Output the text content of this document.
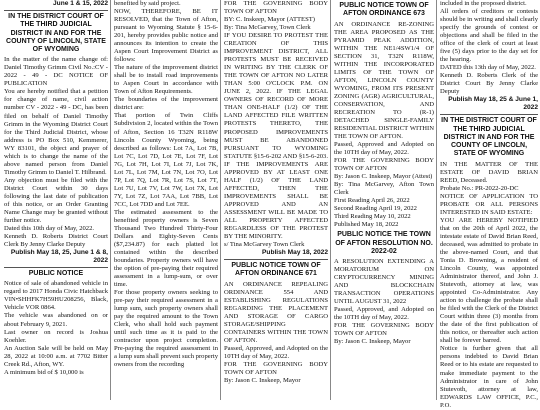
June 1 & 15, 2022
IN THE DISTRICT COURT OF THE THIRD JUDICIAL DISTRICT IN AND FOR THE COUNTY OF LINCOLN, STATE OF WYOMING

In the matter of the name change of: Daniel Timothy Grimm Civil No.:CV - 2022 - 49 - DC NOTICE OF PUBLICATION

You are hereby notified that a petition for change of name, civil action number CV - 2022 - 49 - DC, has been filed on behalf of Daniel Timothy Grimm in the Wyoming District Court for the Third Judicial District, whose address is PO Box 510, Kemmerer, WY 83101, the object and prayer of which is to change the name of the above named person from Daniel Timothy Grimm to Daniel T. Hilbrand.

Any objection must be filed with the District Court within 30 days following the last date of publication of this notice, or an Order Granting Name Change may be granted without further notice.

Dated this 10th day of May, 2022.

Kenneth D. Roberts District Court Clerk By Jenny Clarke Deputy

Publish May 18, 25, June 1 & 8, 2022
PUBLIC NOTICE

Notice of sale of abandoned vehicle in regard to 2017 Honda Civic Hatchback VIN•SHHFK7H59HU208256, Black, Vehicle VOR 0864.

The vehicle was abandoned on or about February 9, 2021.

Last owner on record is Joshua Koehler.

An Auction Sale will be held on May 28, 2022 at 10:00 a.m. at 7702 Bitter Creek Rd., Afton, WY.

A minimum bid of $ 10,000 is

benefited by said project.

NOW, THEREFORE, BE IT RESOLVED, that the Town of Afton, pursuant to Wyoming Statute § 15-6-201, hereby provides public notice and announces its intention to create the Aspen Court Improvement District as follows:

The nature of the improvement district shall be to install road improvements to Aspen Court in accordance with Town of Afton Requirements.

The boundaries of the improvement district are:

That portion of Twin Cliffs Subdivision 2, located within the Town of Afton, Section 16 T32N R118W Lincoln County Wyoming, being described as follows: Lot 7A, Lot 7B, Lot 7C, Lot 7D, Lot 7E, Lot 7F, Lot 7G, Lot 7H, Lot 7I, Lot 7J, Lot 7K, Lot 7L, Lot 7M, Lot 7N, Lot 7O, Lot 7P, Lot 7Q, Lot 7R, Lot 7S, Lot 7T, Lot 7U, Lot 7V, Lot 7W, Lot 7X, Lot 7Y, Lot 7Z, Lot 7AA, Lot 7BB, Lot 7CC, Lot 7DD and Lot 7EE.

The estimated assessment to the benefited property owners is Seven Thousand Two Hundred Thirty-Four Dollars and Eighty-Seven Cents ($7,234.87) for each platted lot contained within the described boundaries. Property owners will have the option of pre-paying their required assessment in a lump-sum, or over time.

For those property owners seeking to pre-pay their required assessment in a lump sum, such property owners shall pay the required amount to the Town Clerk, who shall hold such payment until such time as it is paid to the contractor upon project completion. Pre-paying the required assessment in a lump sum shall prevent such property owners from the recording

FOR THE GOVERNING BODY TOWN OF AFTON

BY: C. Inskeep, Mayor (ATTEST)

By: Tina McGarvey, Town Clerk

IF YOU DESIRE TO PROTEST THE CREATION OF THIS IMPROVEMENT DISTRICT, ALL PROTESTS MUST BE RECEIVED IN WRITING BY THE CLERK OF THE TOWN OF AFTON NO LATER THAN 5:00 O'CLOCK P.M. ON JUNE 2, 2022. IF THE LEGAL OWNERS OF RECORD OF MORE THAN ONE-HALF (1/2) OF THE LAND AFFECTED FILE WRITTEN PROTESTS THERETO, THE PROPOSED IMPROVEMENTS MUST BE ABANDONED PURSUANT TO WYOMING STATUTE §15-6-202 AND §15-6-203. IF THE IMPROVEMENTS ARE APPROVED BY AT LEAST ONE HALF (1/2) OF THE LAND AFFECTED, THEN THE IMPROVEMENTS SHALL BE APPROVED AND AN ASSESSMENT WILL BE MADE TO ALL PROPERTY AFFECTED REGARDLESS OF THE PROTEST BY THE MINORITY.

s/ Tina McGarvey Town Clerk

Publish May 18, 2022
PUBLIC NOTICE TOWN OF AFTON ORDINANCE 671

AN ORDINANCE REPEALING ORDINANCE 554 AND ESTABLISHING REGULATIONS REGARDING THE PLACEMENT AND STORAGE OF CARGO STORAGE/SHIPPING CONTAINERS WITHIN THE TOWN OF AFTON.

Passed, Approved, and Adopted on the 10TH day of May, 2022.

FOR THE GOVERNING BODY TOWN OF AFTON

By: Jason C. Inskeep, Mayor

PUBLIC NOTICE TOWN OF AFTON ORDINANCE 673

AN ORDINANCE RE-ZONING THE AREA PROPOSED AS THE PYRAMID PEAK ADDITION, WITHIN THE NE1/4SW1/4 OF SECTION 31, T32N R118W, WITHIN THE INCORPORATED LIMITS OF THE TOWN OF AFTON, LINCOLN COUNTY WYOMING, FROM ITS PRESENT ZONING (AGR) AGRICULTURAL, CONSERVATION, AND RECREATION TO (R-1) DETACHED SINGLE-FAMILY RESIDENTIAL DISTRICT WITHIN THE TOWN OF AFTON.

Passed, Approved and Adopted on the 10TH day of May, 2022.

FOR THE GOVERNING BODY TOWN OF AFTON

By: Jason C. Inskeep, Mayor (Attest)

By: Tina McGarvey, Afton Town Clerk

First Reading April 26, 2022

Second Reading April 19, 2022

Third Reading May 10, 2022

Published May 18, 2022

PUBLIC NOTICE THE TOWN OF AFTON RESOLUTION NO. 2022-02

A RESOLUTION EXTENDING A MORATORIUM ON CRYPTOCURRENCY MINING AND BLOCKCHAIN TRANSACTION OPERATIONS UNTIL AUGUST 31, 2022

Passed, Approved, and Adopted on the 10TH day of May, 2022.

FOR THE GOVERNING BODY TOWN OF AFTON

By: Jason C. Inskeep, Mayor

included in the proposed district.

All orders of creditors or contests should be in writing and shall clearly specify the grounds of contest or objections and shall be filed in the office of the clerk of court at least five (5) days prior to the day set for the hearing.

DATED this 13th day of May, 2022.

Kenneth D. Roberts Clerk of the District Court By Jenny Clarke Deputy

Publish May 18, 25 & June 1, 2022
IN THE DISTRICT COURT OF THE THIRD JUDICIAL DISTRICT IN AND FOR THE COUNTY OF LINCOLN, STATE OF WYOMING

IN THE MATTER OF THE ESTATE OF DAVID BRIAN REED, Deceased.

Probate No.: PR-2022-20-DC

NOTICE OF APPLICATION TO PROBATE OR ALL PERSONS INTERESTED IN SAID ESTATE:

YOU ARE HEREBY NOTIFIED that on the 20th of April 2022, the intestate estate of David Brian Reed, deceased, was admitted to probate in the above-named Court, and that Tonia D. Browning, a resident of Lincoln County, was appointed Administrator thereof, and John J. Stutevoth, attorney at law, was appointed Co-Administrator. Any action to challenge the probate shall be filed with the Clerk of the District Court within three (3) months from the date of the first publication of this notice, or thereafter such action shall be forever barred.

Notice is further given that all persons indebted to David Brian Reed or to his estate are requested to make immediate payment to the Administrator in care of John Stutevoth, attorney at law, EDWARDS LAW OFFICE, P.C., P.O.
